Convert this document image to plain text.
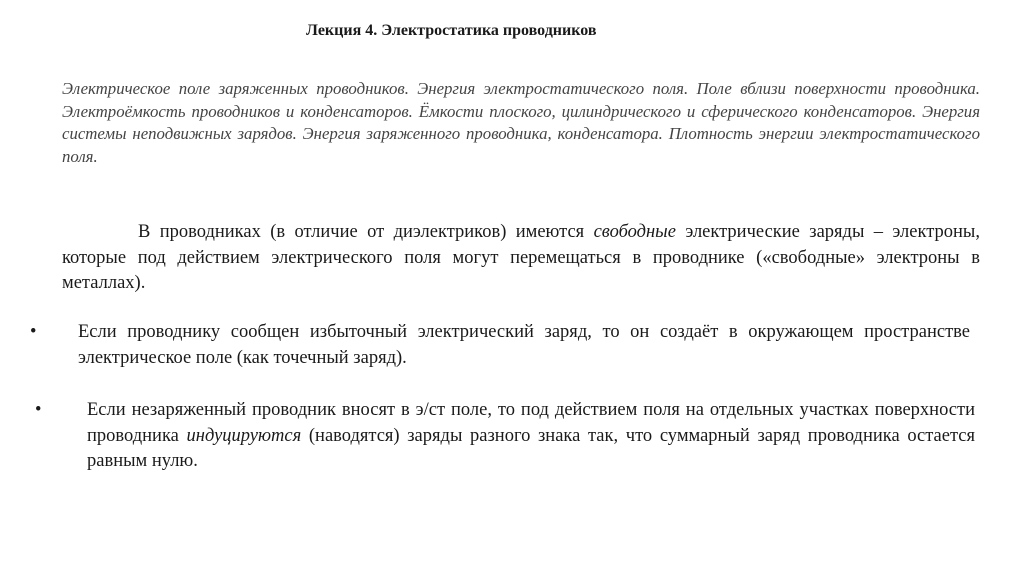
Лекция 4. Электростатика проводников

Электрическое поле заряженных проводников. Энергия электростатического поля. Поле вблизи поверхности проводника. Электроёмкость проводников и конденсаторов. Ёмкости плоского, цилиндрического и сферического конденсаторов. Энергия системы неподвижных зарядов. Энергия заряженного проводника, конденсатора. Плотность энергии электростатического поля.

В проводниках (в отличие от диэлектриков) имеются свободные электрические заряды – электроны, которые под действием электрического поля могут перемещаться в проводнике («свободные» электроны в металлах).

•	Если проводнику сообщен избыточный электрический заряд, то он создаёт в окружающем пространстве электрическое поле (как точечный заряд).

•	Если незаряженный проводник вносят в э/ст поле, то под действием поля на отдельных участках поверхности проводника индуцируются (наводятся) заряды разного знака так, что суммарный заряд проводника остается равным нулю.
